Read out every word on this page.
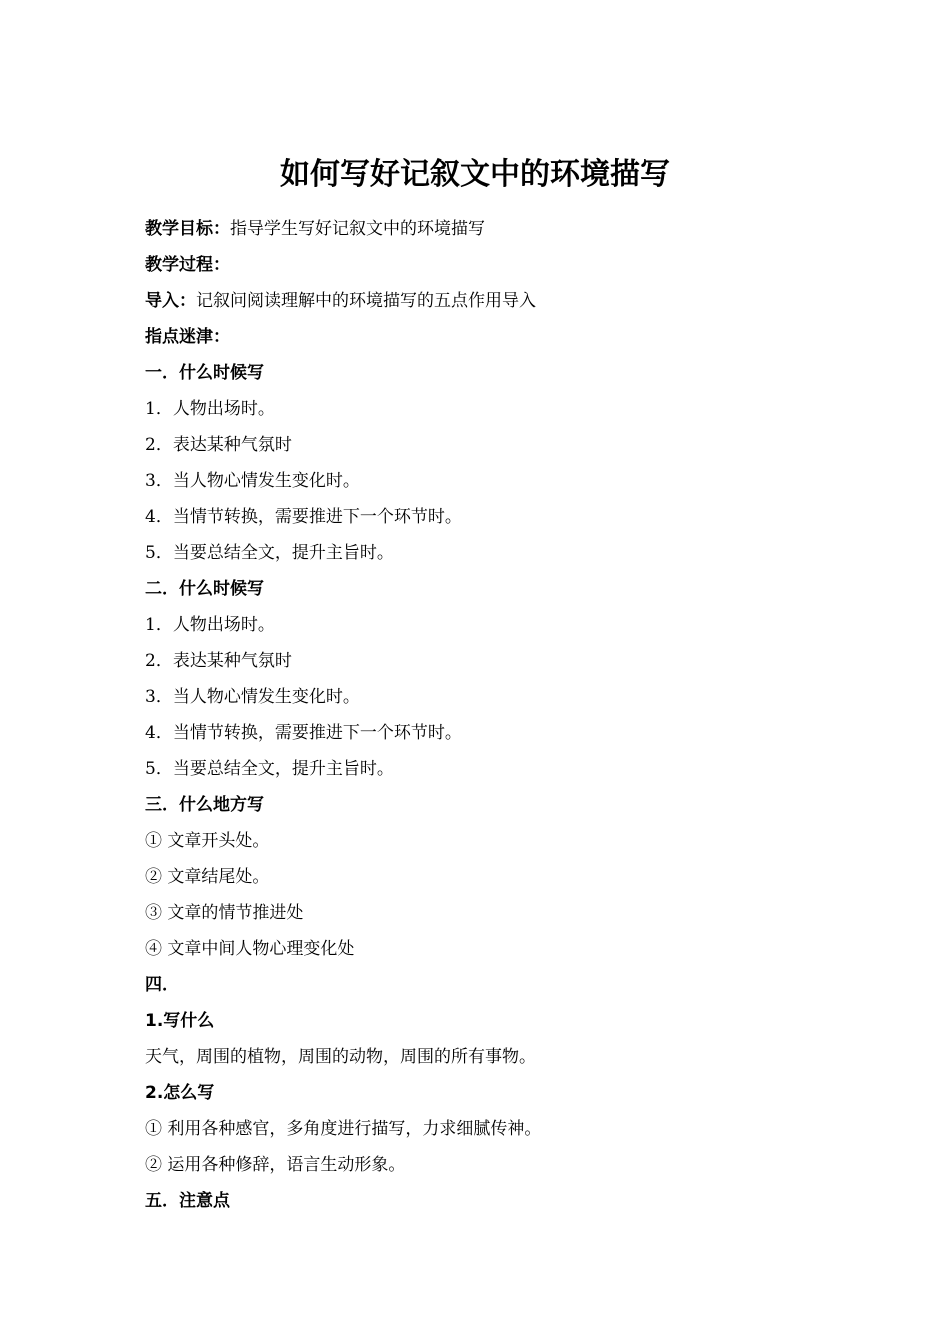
如何写好记叙文中的环境描写
教学目标：指导学生写好记叙文中的环境描写
教学过程：
导入：记叙问阅读理解中的环境描写的五点作用导入
指点迷津：
一．什么时候写
1．人物出场时。
2．表达某种气氛时
3．当人物心情发生变化时。
4．当情节转换，需要推进下一个环节时。
5．当要总结全文，提升主旨时。
二．什么时候写
1．人物出场时。
2．表达某种气氛时
3．当人物心情发生变化时。
4．当情节转换，需要推进下一个环节时。
5．当要总结全文，提升主旨时。
三．什么地方写
① 文章开头处。
② 文章结尾处。
③ 文章的情节推进处
④ 文章中间人物心理变化处
四．
1.写什么
天气，周围的植物，周围的动物，周围的所有事物。
2.怎么写
① 利用各种感官，多角度进行描写，力求细腻传神。
② 运用各种修辞，语言生动形象。
五．注意点
